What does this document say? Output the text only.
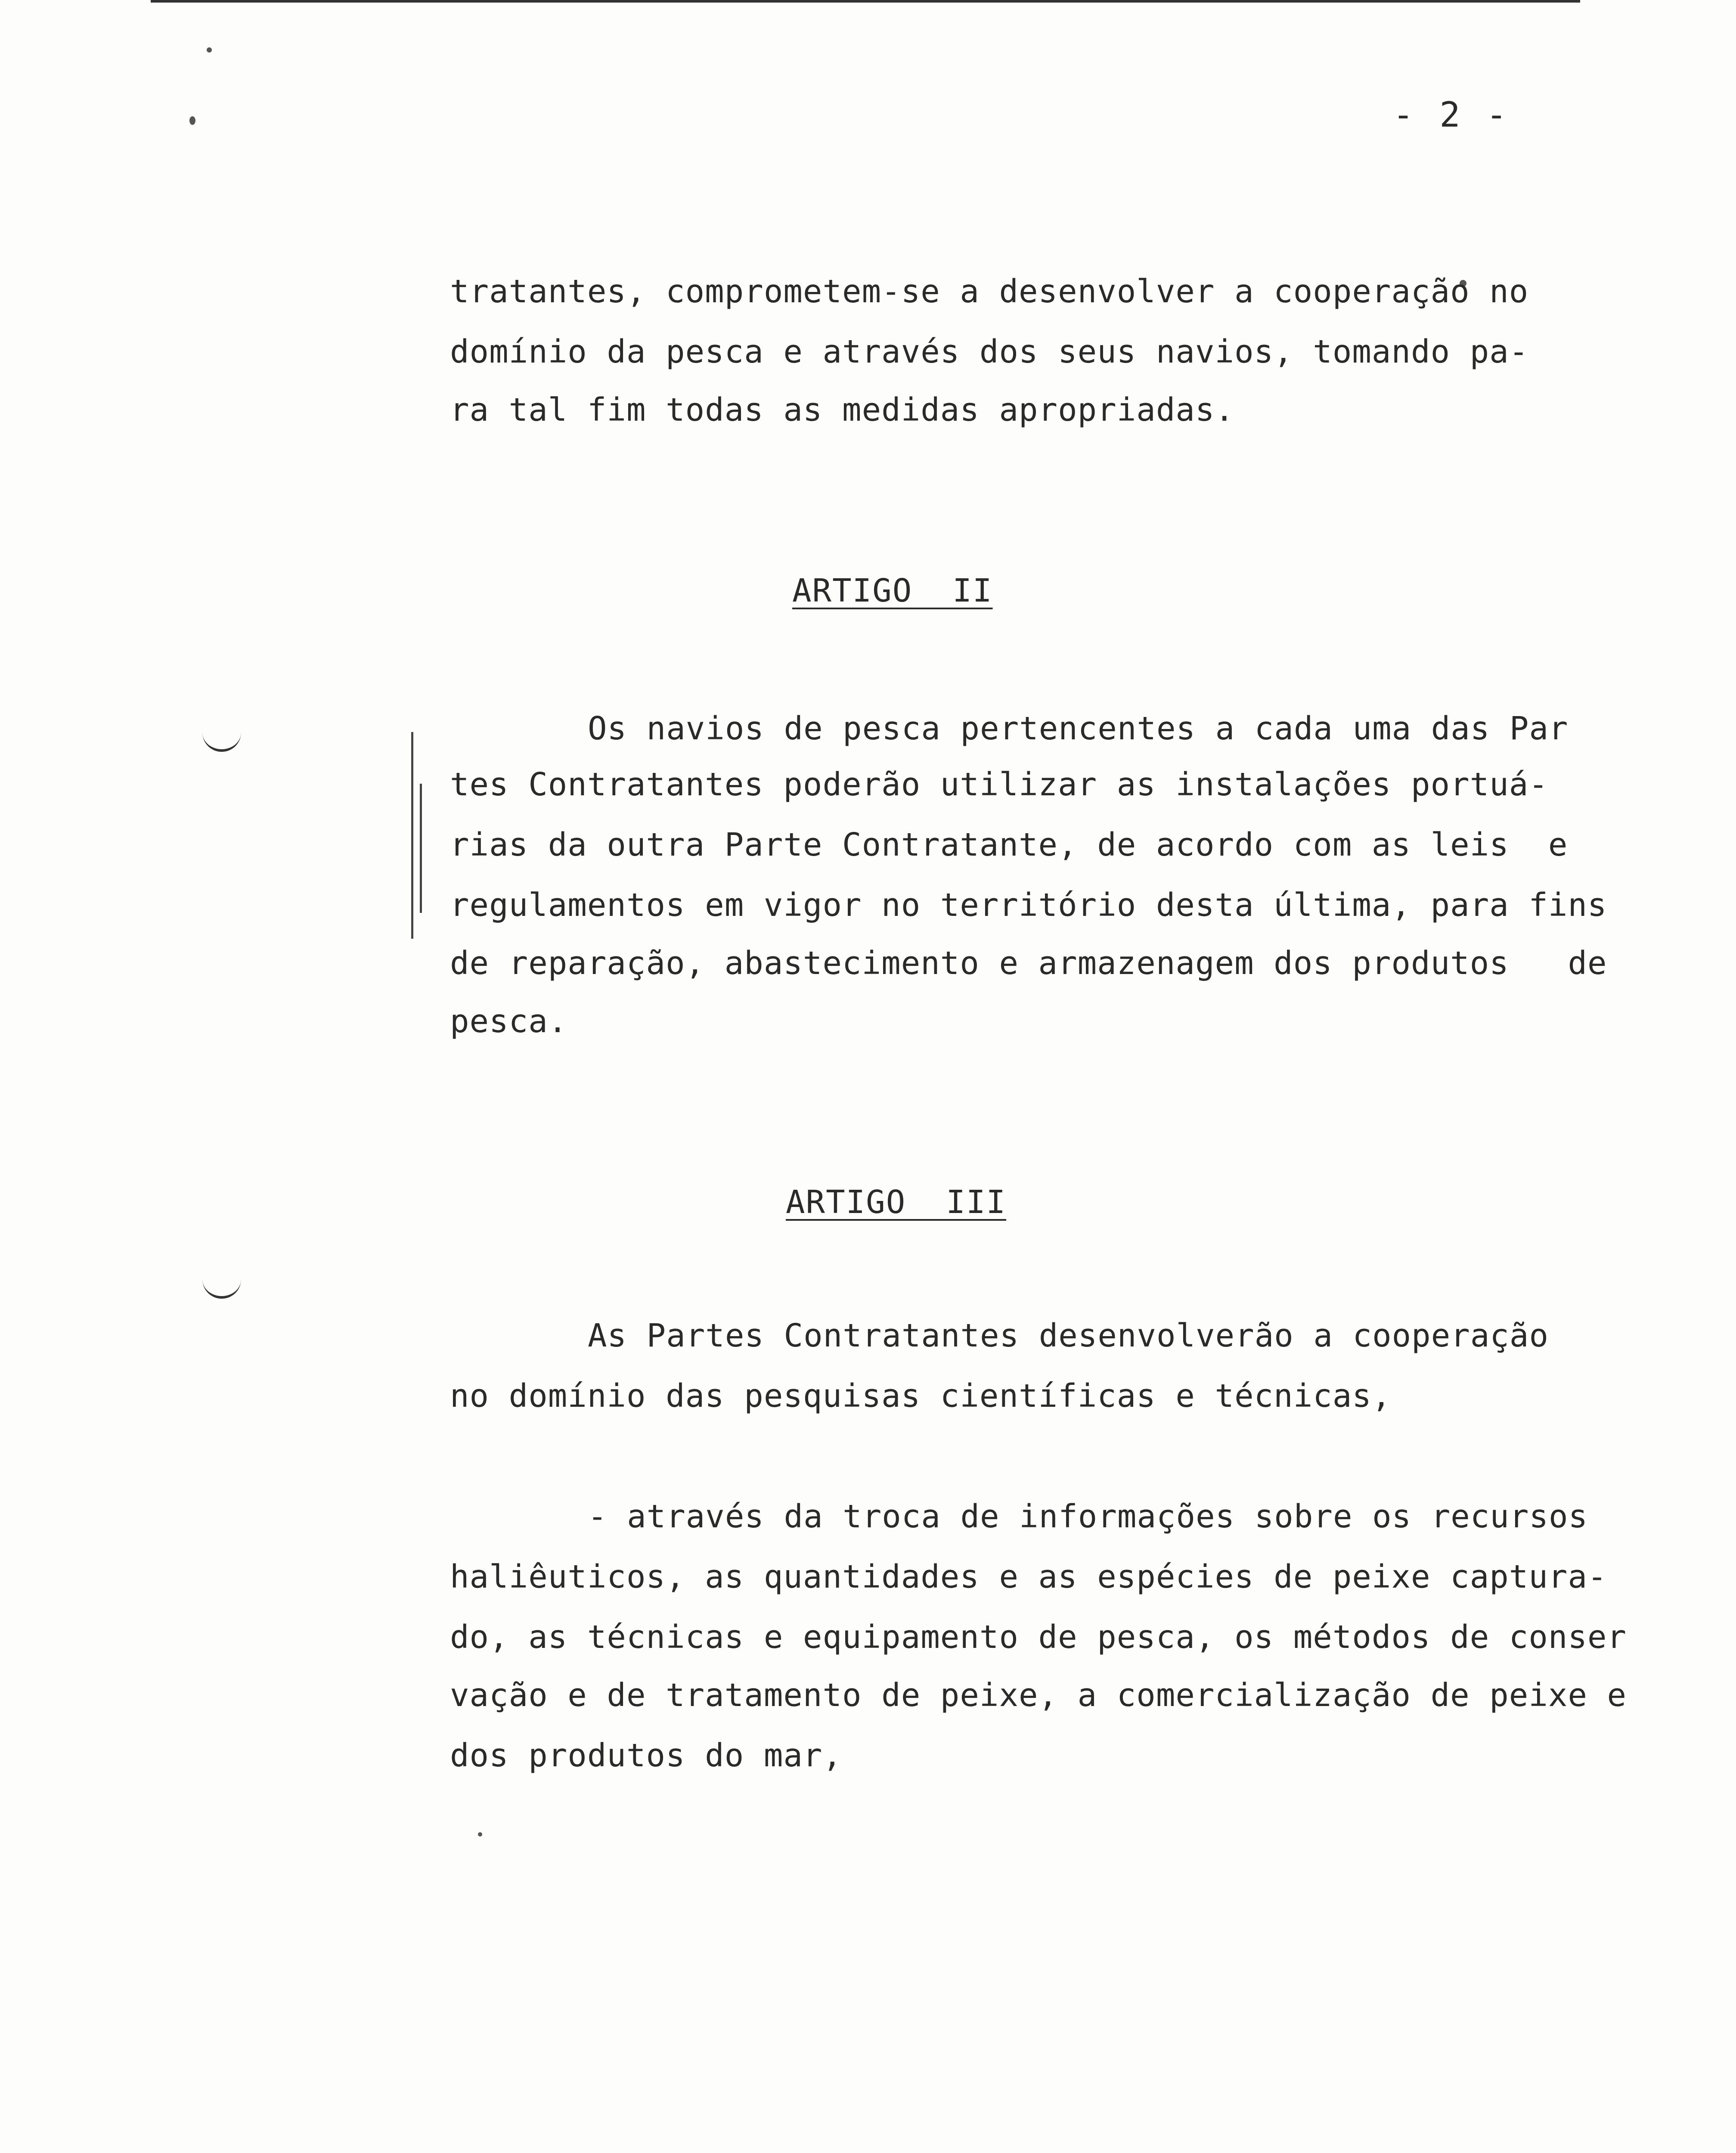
- 2 -
tratantes, comprometem-se a desenvolver a cooperação no
domínio da pesca e através dos seus navios, tomando pa-
ra tal fim todas as medidas apropriadas.
ARTIGO  II
Os navios de pesca pertencentes a cada uma das Par
tes Contratantes poderão utilizar as instalações portuá-
rias da outra Parte Contratante, de acordo com as leis  e
regulamentos em vigor no território desta última, para fins
de reparação, abastecimento e armazenagem dos produtos   de
pesca.
ARTIGO  III
As Partes Contratantes desenvolverão a cooperação
no domínio das pesquisas científicas e técnicas,
- através da troca de informações sobre os recursos
haliêuticos, as quantidades e as espécies de peixe captura-
do, as técnicas e equipamento de pesca, os métodos de conser
vação e de tratamento de peixe, a comercialização de peixe e
dos produtos do mar,
